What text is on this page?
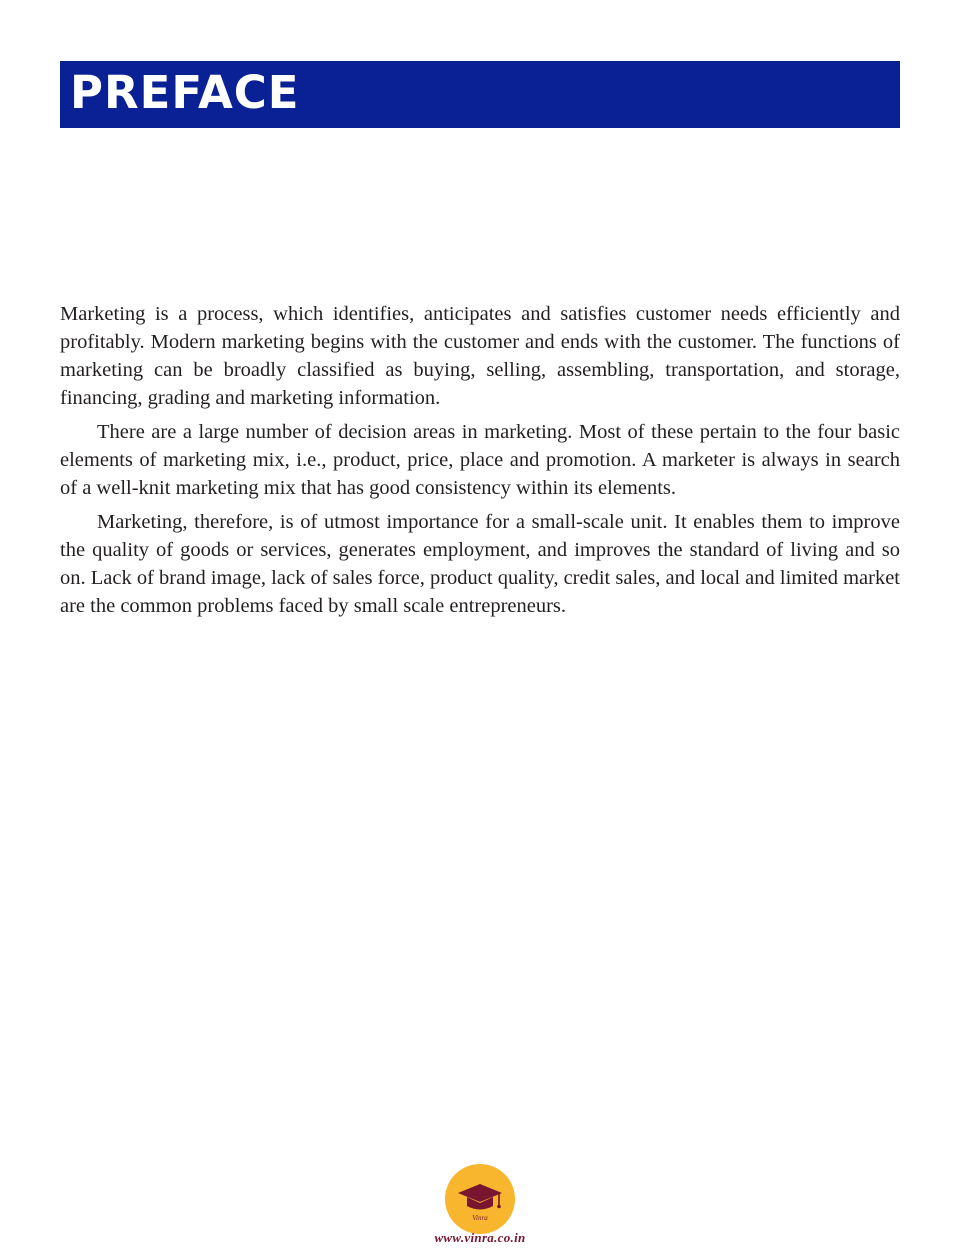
PREFACE

Marketing is a process, which identifies, anticipates and satisfies customer needs efficiently and profitably. Modern marketing begins with the customer and ends with the customer. The functions of marketing can be broadly classified as buying, selling, assembling, transportation, and storage, financing, grading and marketing information.

There are a large number of decision areas in marketing. Most of these pertain to the four basic elements of marketing mix, i.e., product, price, place and promotion. A marketer is always in search of a well-knit marketing mix that has good consistency within its elements.

Marketing, therefore, is of utmost importance for a small-scale unit. It enables them to improve the quality of goods or services, generates employment, and improves the standard of living and so on. Lack of brand image, lack of sales force, product quality, credit sales, and local and limited market are the common problems faced by small scale entrepreneurs.

Vinra
www.vinra.co.in
